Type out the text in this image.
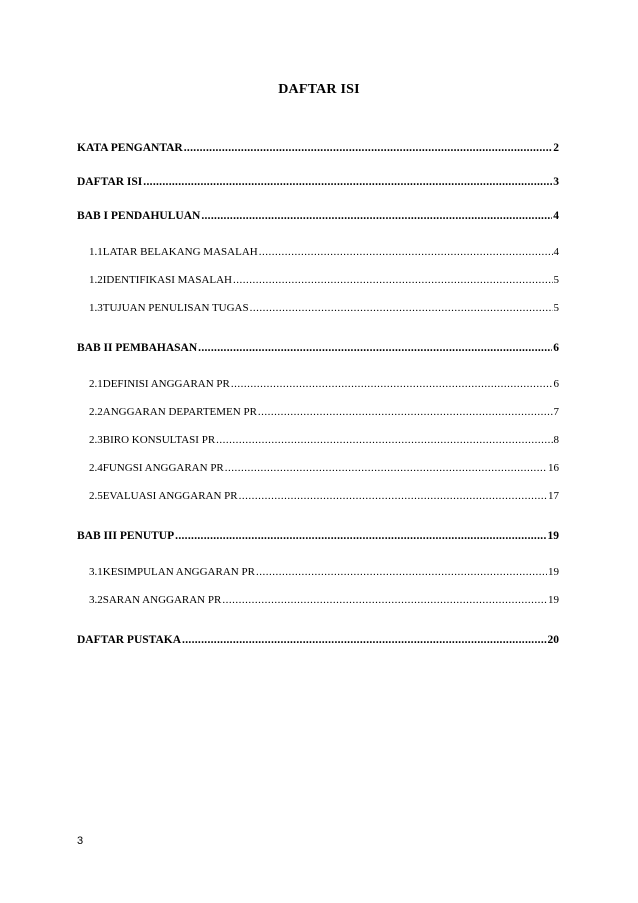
DAFTAR ISI
KATA PENGANTAR .....	2
DAFTAR ISI .....	3
BAB I PENDAHULUAN .....	4
1.1 LATAR BELAKANG MASALAH .....	4
1.2 IDENTIFIKASI MASALAH .....	5
1.3 TUJUAN PENULISAN TUGAS .....	5
BAB II PEMBAHASAN .....	6
2.1 DEFINISI ANGGARAN PR .....	6
2.2 ANGGARAN DEPARTEMEN PR .....	7
2.3 BIRO KONSULTASI PR .....	8
2.4 FUNGSI ANGGARAN PR .....	16
2.5 EVALUASI ANGGARAN PR .....	17
BAB III PENUTUP .....	19
3.1 KESIMPULAN ANGGARAN PR .....	19
3.2 SARAN ANGGARAN PR .....	19
DAFTAR PUSTAKA .....	20
3
